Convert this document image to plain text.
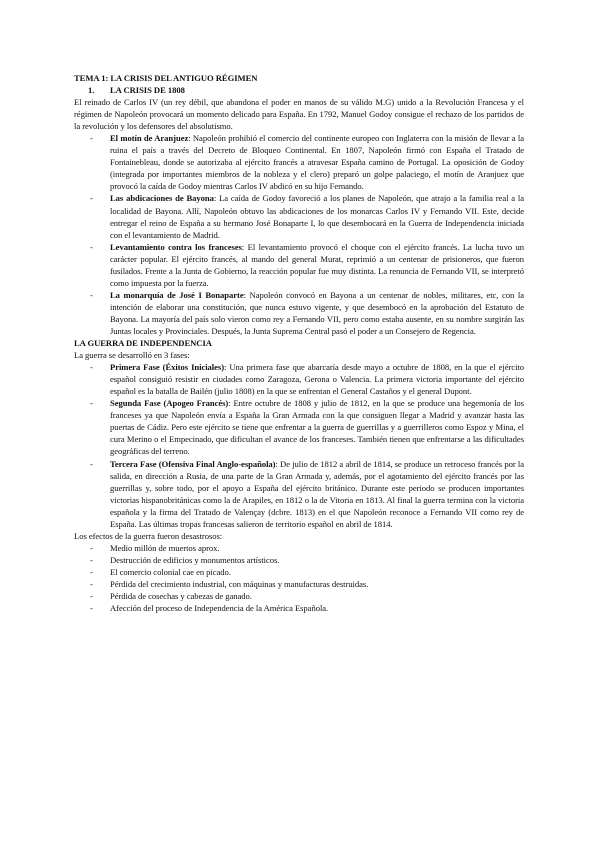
TEMA 1: LA CRISIS DEL ANTIGUO RÉGIMEN
1. LA CRISIS DE 1808

El reinado de Carlos IV (un rey débil, que abandona el poder en manos de su válido M.G) unido a la Revolución Francesa y el régimen de Napoleón provocará un momento delicado para España. En 1792, Manuel Godoy consigue el rechazo de los partidos de la revolución y los defensores del absolutismo.

- El motín de Aranjuez: Napoleón prohibió el comercio del continente europeo con Inglaterra con la misión de llevar a la ruina el país a través del Decreto de Bloqueo Continental. En 1807, Napoleón firmó con España el Tratado de Fontainebleau, donde se autorizaba al ejército francés a atravesar España camino de Portugal. La oposición de Godoy (integrada por importantes miembros de la nobleza y el clero) preparó un golpe palaciego, el motín de Aranjuez que provocó la caída de Godoy mientras Carlos IV abdicó en su hijo Fernando.
- Las abdicaciones de Bayona: La caída de Godoy favoreció a los planes de Napoleón, que atrajo a la familia real a la localidad de Bayona. Allí, Napoleón obtuvo las abdicaciones de los monarcas Carlos IV y Fernando VII. Este, decide entregar el reino de España a su hermano José Bonaparte I, lo que desembocará en la Guerra de Independencia iniciada con el levantamiento de Madrid.
- Levantamiento contra los franceses: El levantamiento provocó el choque con el ejército francés. La lucha tuvo un carácter popular. El ejército francés, al mando del general Murat, reprimió a un centenar de prisioneros, que fueron fusilados. Frente a la Junta de Gobierno, la reacción popular fue muy distinta. La renuncia de Fernando VII, se interpretó como impuesta por la fuerza.
- La monarquía de José I Bonaparte: Napoleón convocó en Bayona a un centenar de nobles, militares, etc, con la intención de elaborar una constitución, que nunca estuvo vigente, y que desembocó en la aprobación del Estatuto de Bayona. La mayoría del país solo vieron como rey a Fernando VII, pero como estaba ausente, en su nombre surgirán las Juntas locales y Provinciales. Después, la Junta Suprema Central pasó el poder a un Consejero de Regencia.
LA GUERRA DE INDEPENDENCIA

La guerra se desarrolló en 3 fases:

- Primera Fase (Éxitos Iniciales): Una primera fase que abarcaría desde mayo a octubre de 1808, en la que el ejército español consiguió resistir en ciudades como Zaragoza, Gerona o Valencia. La primera victoria importante del ejército español es la batalla de Bailén (julio 1808) en la que se enfrentan el General Castaños y el general Dupont.
- Segunda Fase (Apogeo Francés): Entre octubre de 1808 y julio de 1812, en la que se produce una hegemonía de los franceses ya que Napoleón envía a España la Gran Armada con la que consiguen llegar a Madrid y avanzar hasta las puertas de Cádiz. Pero este ejército se tiene que enfrentar a la guerra de guerrillas y a guerrilleros como Espoz y Mina, el cura Merino o el Empecinado, que dificultan el avance de los franceses. También tienen que enfrentarse a las dificultades geográficas del terreno.
- Tercera Fase (Ofensiva Final Anglo-española): De julio de 1812 a abril de 1814, se produce un retroceso francés por la salida, en dirección a Rusia, de una parte de la Gran Armada y, además, por el agotamiento del ejército francés por las guerrillas y, sobre todo, por el apoyo a España del ejército británico. Durante este periodo se producen importantes victorias hispanobritánicas como la de Arapiles, en 1812 o la de Vitoria en 1813. Al final la guerra termina con la victoria española y la firma del Tratado de Valençay (dcbre. 1813) en el que Napoleón reconoce a Fernando VII como rey de España. Las últimas tropas francesas salieron de territorio español en abril de 1814.

Los efectos de la guerra fueron desastrosos:

- Medio millón de muertos aprox.
- Destrucción de edificios y monumentos artísticos.
- El comercio colonial cae en picado.
- Pérdida del crecimiento industrial, con máquinas y manufacturas destruidas.
- Pérdida de cosechas y cabezas de ganado.
- Afección del proceso de Independencia de la América Española.
